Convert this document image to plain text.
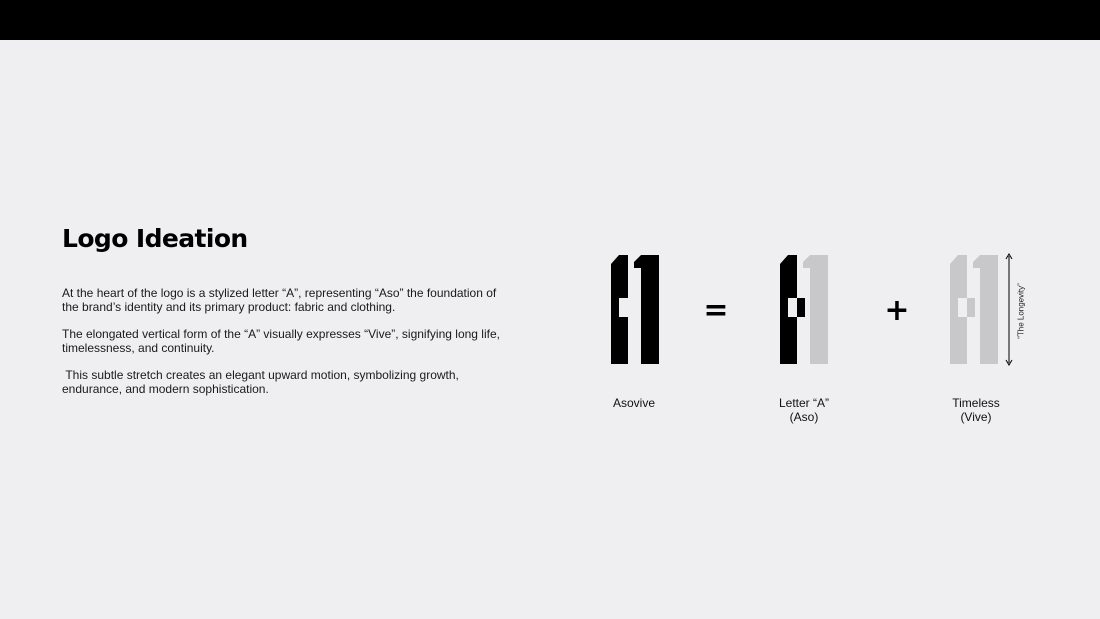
Logo Ideation

At the heart of the logo is a stylized letter “A”, representing “Aso” the foundation of the brand’s identity and its primary product: fabric and clothing.

The elongated vertical form of the “A” visually expresses “Vive”, signifying long life, timelessness, and continuity.

This subtle stretch creates an elegant upward motion, symbolizing growth, endurance, and modern sophistication.

=	+	“The Longevity”
Asovive	Letter “A”
(Aso)
Timeless
(Vive)
